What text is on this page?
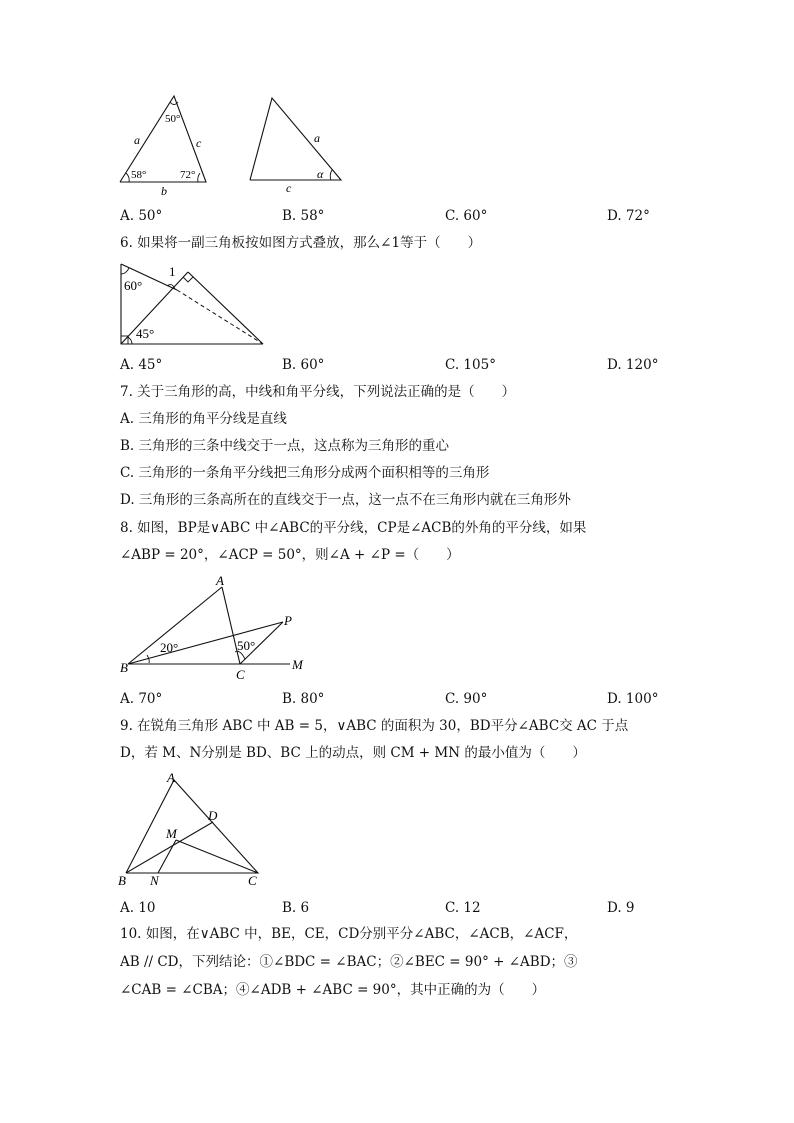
a	c
b
50°
58°	72°
a
c
α
A. 50°	B. 58°	C. 60°	D. 72°
6. 如果将一副三角板按如图方式叠放，那么∠1等于（　　）
1
60°
45°
A. 45°	B. 60°	C. 105°	D. 120°
7. 关于三角形的高，中线和角平分线，下列说法正确的是（　　）
A. 三角形的角平分线是直线
B. 三角形的三条中线交于一点，这点称为三角形的重心
C. 三角形的一条角平分线把三角形分成两个面积相等的三角形
D. 三角形的三条高所在的直线交于一点，这一点不在三角形内就在三角形外
8. 如图，BP是∨ABC 中∠ABC的平分线，CP是∠ACB的外角的平分线，如果
∠ABP = 20°，∠ACP = 50°，则∠A + ∠P =（　　）
A
B	C
P
M
20°	50°
A. 70°	B. 80°	C. 90°	D. 100°
9. 在锐角三角形 ABC 中 AB = 5，∨ABC 的面积为 30，BD平分∠ABC交 AC 于点
D，若 M、N分别是 BD、BC 上的动点，则 CM + MN 的最小值为（　　）
A
B	C
D
M
N
A. 10	B. 6	C. 12	D. 9
10. 如图，在∨ABC 中，BE，CE，CD分别平分∠ABC，∠ACB，∠ACF，
AB // CD，下列结论：①∠BDC = ∠BAC；②∠BEC = 90° + ∠ABD；③
∠CAB = ∠CBA；④∠ADB + ∠ABC = 90°，其中正确的为（　　）
